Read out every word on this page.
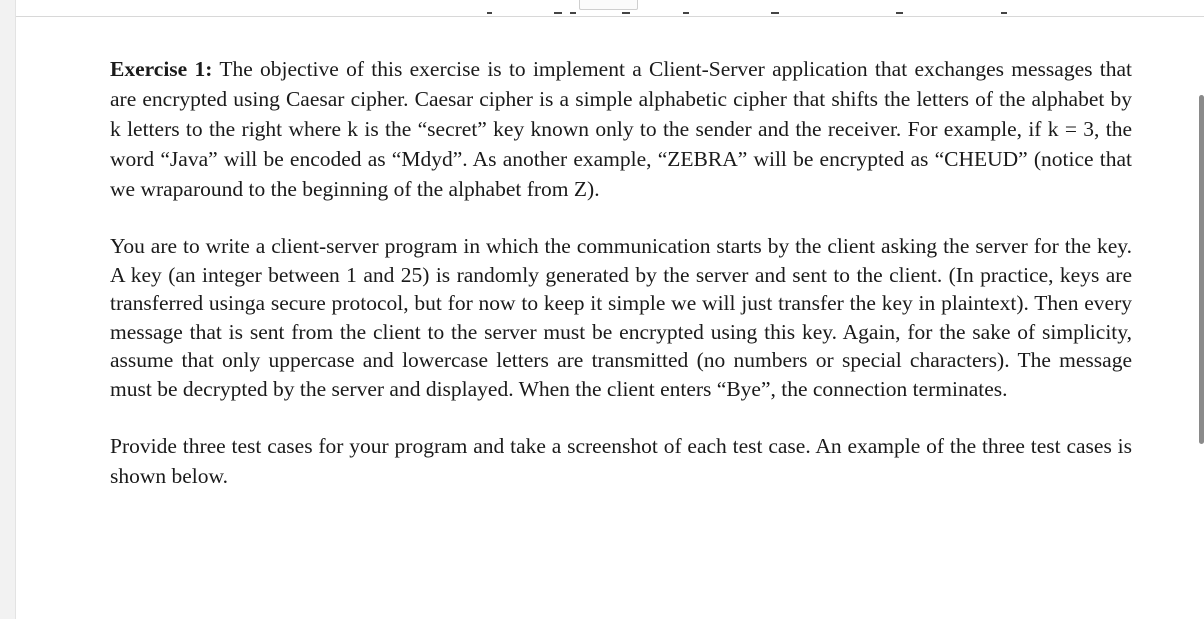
Exercise 1: The objective of this exercise is to implement a Client-Server application that exchanges messages that are encrypted using Caesar cipher. Caesar cipher is a simple alphabetic cipher that shifts the letters of the alphabet by k letters to the right where k is the “secret” key known only to the sender and the receiver. For example, if k = 3, the word “Java” will be encoded as “Mdyd”. As another example, “ZEBRA” will be encrypted as “CHEUD” (notice that we wraparound to the beginning of the alphabet from Z).

You are to write a client-server program in which the communication starts by the client asking the server for the key. A key (an integer between 1 and 25) is randomly generated by the server and sent to the client. (In practice, keys are transferred usinga secure protocol, but for now to keep it simple we will just transfer the key in plaintext). Then every message that is sent from the client to the server must be encrypted using this key. Again, for the sake of simplicity, assume that only uppercase and lowercase letters are transmitted (no numbers or special characters). The message must be decrypted by the server and displayed. When the client enters “Bye”, the connection terminates.

Provide three test cases for your program and take a screenshot of each test case. An example of the three test cases is shown below.
